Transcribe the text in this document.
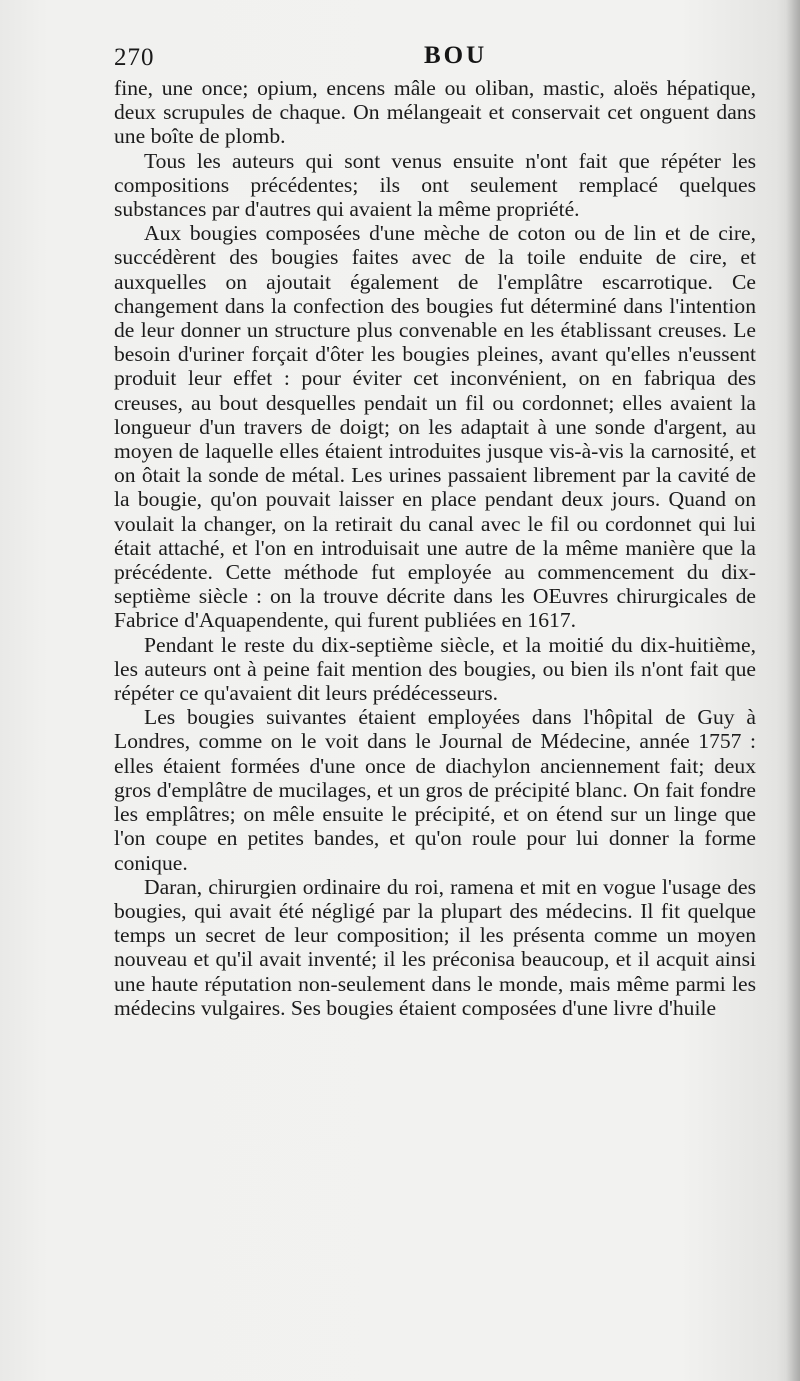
270	BOU

fine, une once; opium, encens mâle ou oliban, mastic, aloës hépatique, deux scrupules de chaque. On mélangeait et conservait cet onguent dans une boîte de plomb.

Tous les auteurs qui sont venus ensuite n'ont fait que répéter les compositions précédentes; ils ont seulement remplacé quelques substances par d'autres qui avaient la même propriété.

Aux bougies composées d'une mèche de coton ou de lin et de cire, succédèrent des bougies faites avec de la toile enduite de cire, et auxquelles on ajoutait également de l'emplâtre escarrotique. Ce changement dans la confection des bougies fut déterminé dans l'intention de leur donner un structure plus convenable en les établissant creuses. Le besoin d'uriner forçait d'ôter les bougies pleines, avant qu'elles n'eussent produit leur effet : pour éviter cet inconvénient, on en fabriqua des creuses, au bout desquelles pendait un fil ou cordonnet; elles avaient la longueur d'un travers de doigt; on les adaptait à une sonde d'argent, au moyen de laquelle elles étaient introduites jusque vis-à-vis la carnosité, et on ôtait la sonde de métal. Les urines passaient librement par la cavité de la bougie, qu'on pouvait laisser en place pendant deux jours. Quand on voulait la changer, on la retirait du canal avec le fil ou cordonnet qui lui était attaché, et l'on en introduisait une autre de la même manière que la précédente. Cette méthode fut employée au commencement du dix-septième siècle : on la trouve décrite dans les OEuvres chirurgicales de Fabrice d'Aquapendente, qui furent publiées en 1617.

Pendant le reste du dix-septième siècle, et la moitié du dix-huitième, les auteurs ont à peine fait mention des bougies, ou bien ils n'ont fait que répéter ce qu'avaient dit leurs prédécesseurs.

Les bougies suivantes étaient employées dans l'hôpital de Guy à Londres, comme on le voit dans le Journal de Médecine, année 1757 : elles étaient formées d'une once de diachylon anciennement fait; deux gros d'emplâtre de mucilages, et un gros de précipité blanc. On fait fondre les emplâtres; on mêle ensuite le précipité, et on étend sur un linge que l'on coupe en petites bandes, et qu'on roule pour lui donner la forme conique.

Daran, chirurgien ordinaire du roi, ramena et mit en vogue l'usage des bougies, qui avait été négligé par la plupart des médecins. Il fit quelque temps un secret de leur composition; il les présenta comme un moyen nouveau et qu'il avait inventé; il les préconisa beaucoup, et il acquit ainsi une haute réputation non-seulement dans le monde, mais même parmi les médecins vulgaires. Ses bougies étaient composées d'une livre d'huile
